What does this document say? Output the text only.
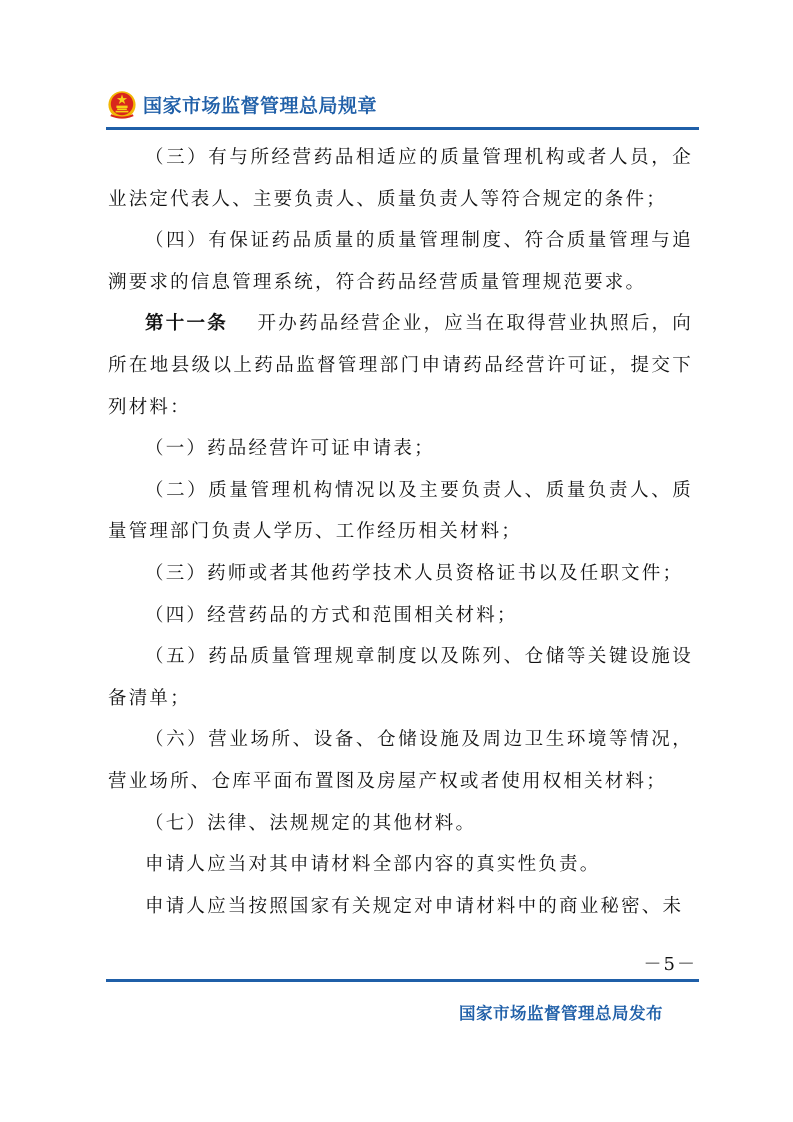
国家市场监督管理总局规章

（三）有与所经营药品相适应的质量管理机构或者人员，企业法定代表人、主要负责人、质量负责人等符合规定的条件；

（四）有保证药品质量的质量管理制度、符合质量管理与追溯要求的信息管理系统，符合药品经营质量管理规范要求。

第十一条 开办药品经营企业，应当在取得营业执照后，向所在地县级以上药品监督管理部门申请药品经营许可证，提交下列材料：

（一）药品经营许可证申请表；

（二）质量管理机构情况以及主要负责人、质量负责人、质量管理部门负责人学历、工作经历相关材料；

（三）药师或者其他药学技术人员资格证书以及任职文件；

（四）经营药品的方式和范围相关材料；

（五）药品质量管理规章制度以及陈列、仓储等关键设施设备清单；

（六）营业场所、设备、仓储设施及周边卫生环境等情况，营业场所、仓库平面布置图及房屋产权或者使用权相关材料；

（七）法律、法规规定的其他材料。

申请人应当对其申请材料全部内容的真实性负责。

申请人应当按照国家有关规定对申请材料中的商业秘密、未

－5－
国家市场监督管理总局发布
